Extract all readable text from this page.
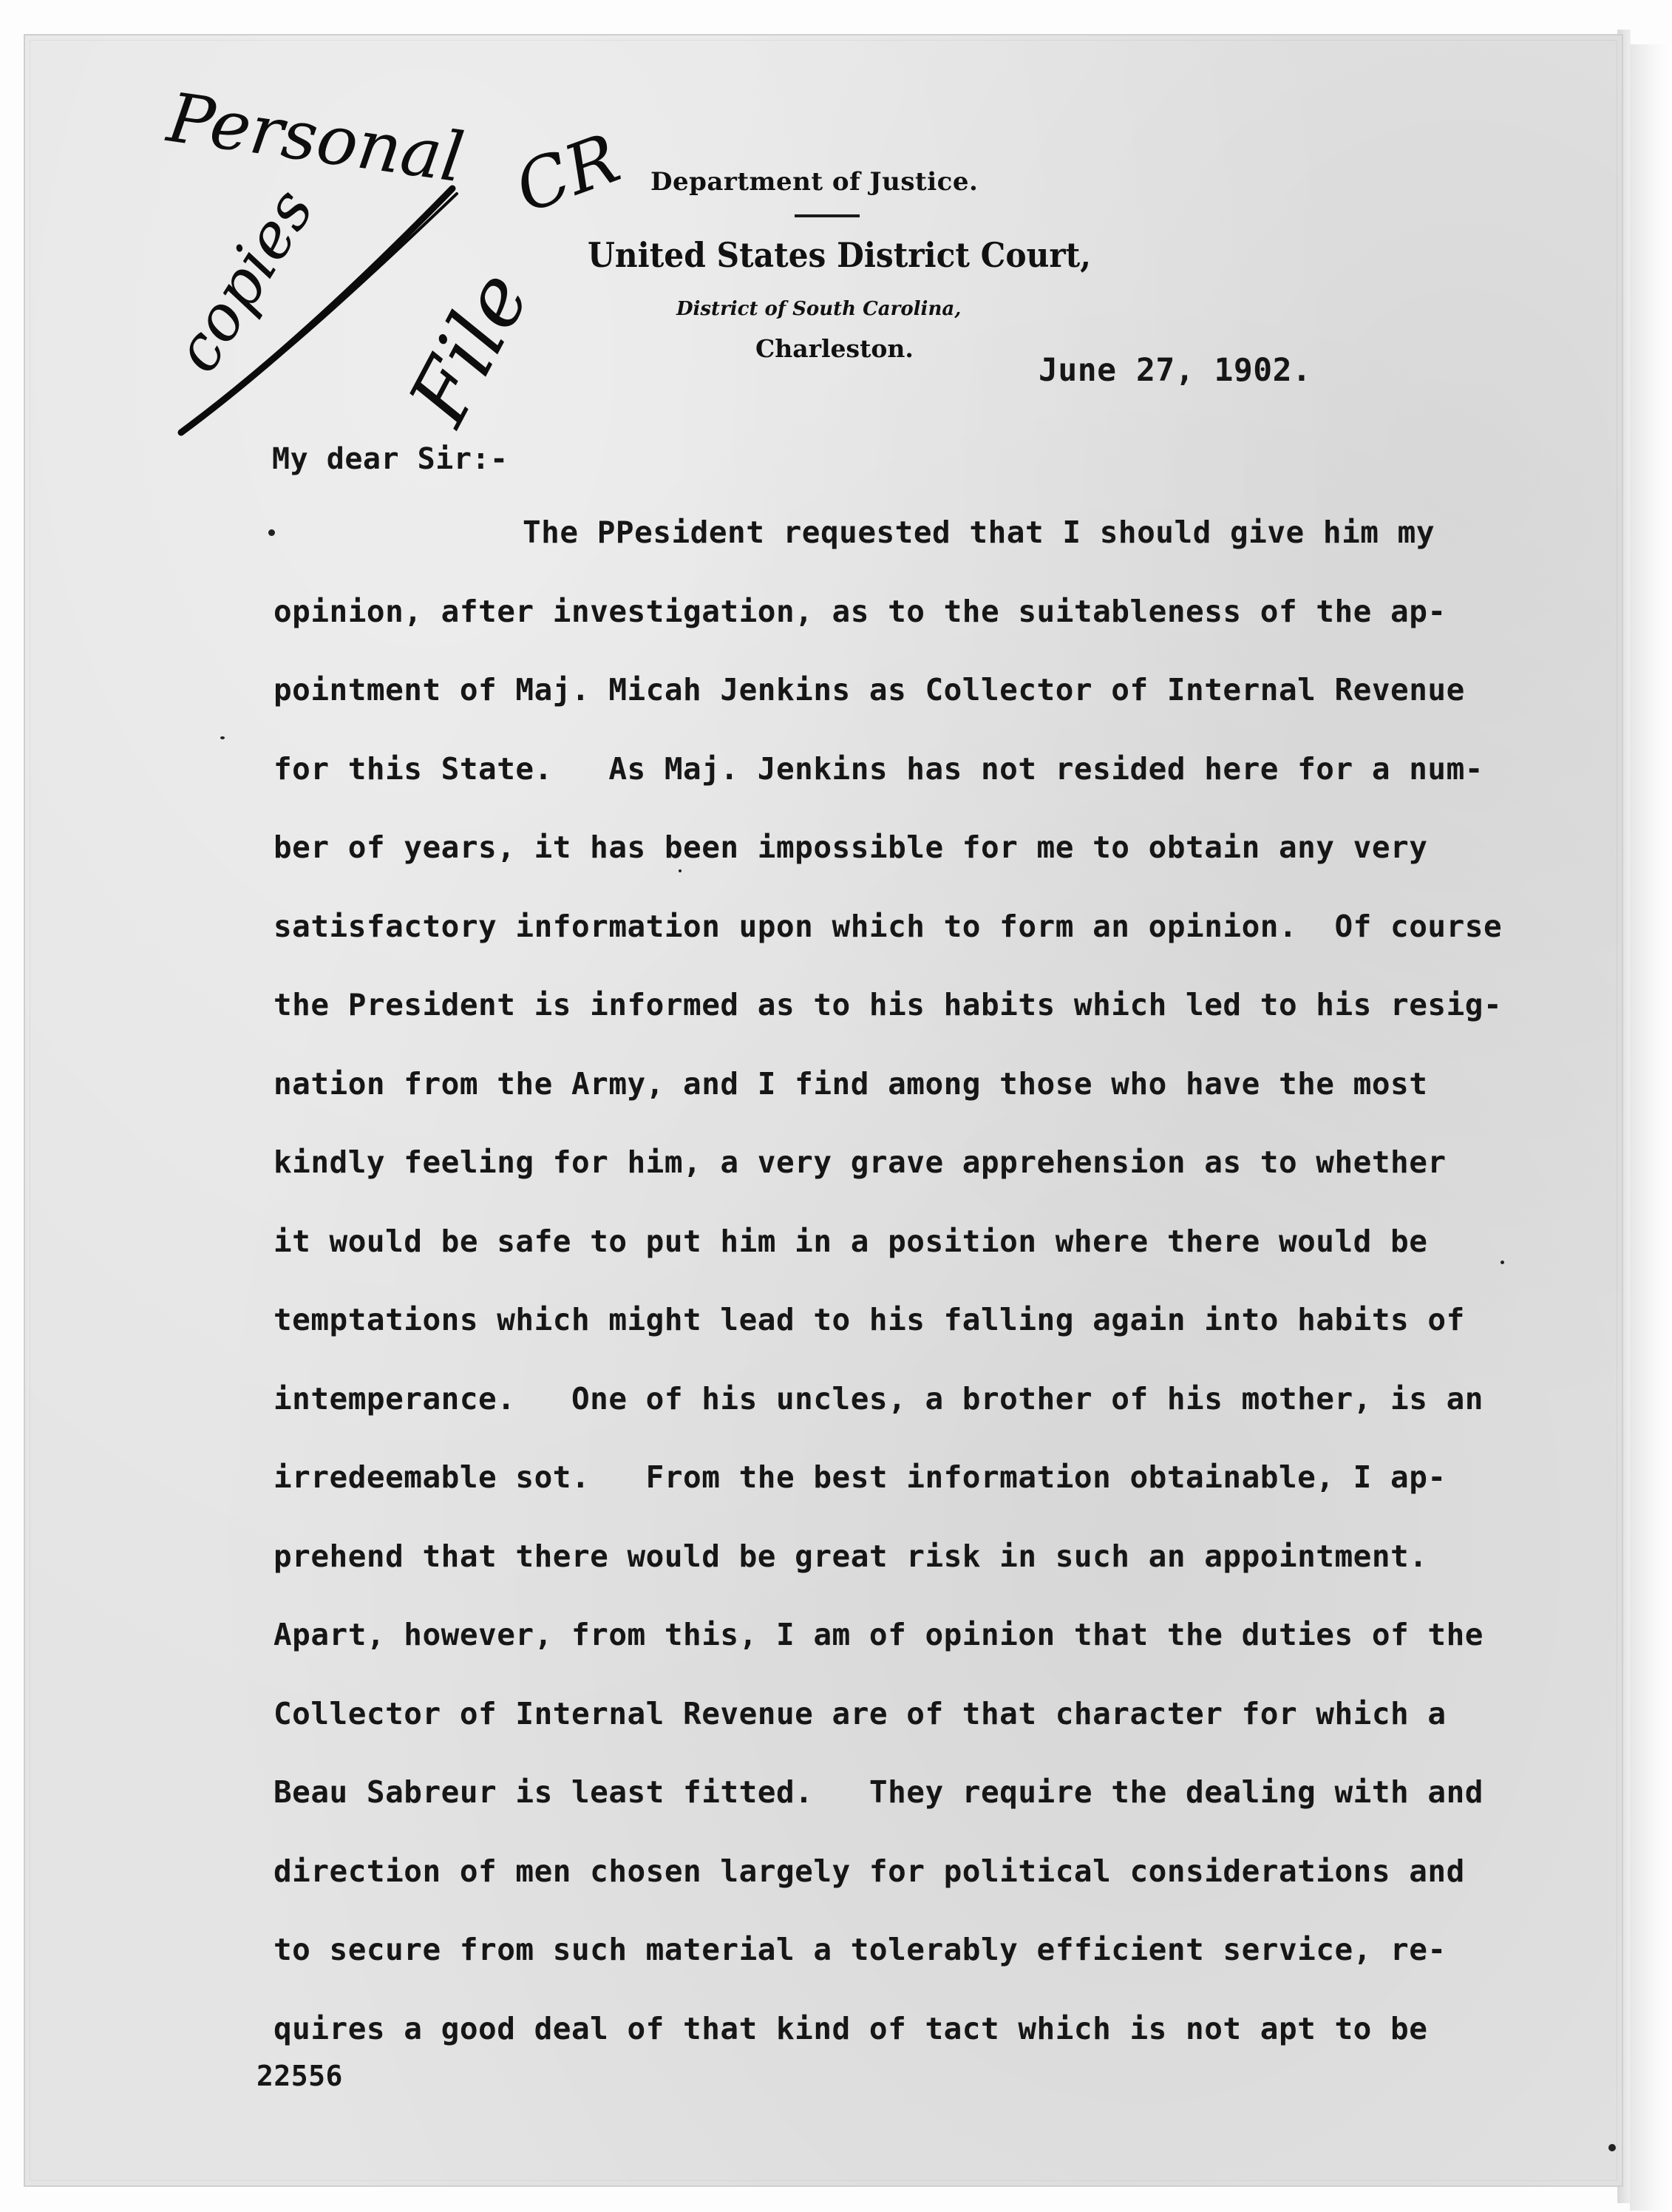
Personal
copies File
CR Department of Justice.
United States District Court,
District of South Carolina,
Charleston.
June 27, 1902.
My dear Sir:-
The PPesident requested that I should give him my
opinion, after investigation, as to the suitableness of the ap-
pointment of Maj. Micah Jenkins as Collector of Internal Revenue
for this State.   As Maj. Jenkins has not resided here for a num-
ber of years, it has been impossible for me to obtain any very
satisfactory information upon which to form an opinion.  Of course
the President is informed as to his habits which led to his resig-
nation from the Army, and I find among those who have the most
kindly feeling for him, a very grave apprehension as to whether
it would be safe to put him in a position where there would be
temptations which might lead to his falling again into habits of
intemperance.   One of his uncles, a brother of his mother, is an
irredeemable sot.   From the best information obtainable, I ap-
prehend that there would be great risk in such an appointment.
Apart, however, from this, I am of opinion that the duties of the
Collector of Internal Revenue are of that character for which a
Beau Sabreur is least fitted.   They require the dealing with and
direction of men chosen largely for political considerations and
to secure from such material a tolerably efficient service, re-
quires a good deal of that kind of tact which is not apt to be
22556
